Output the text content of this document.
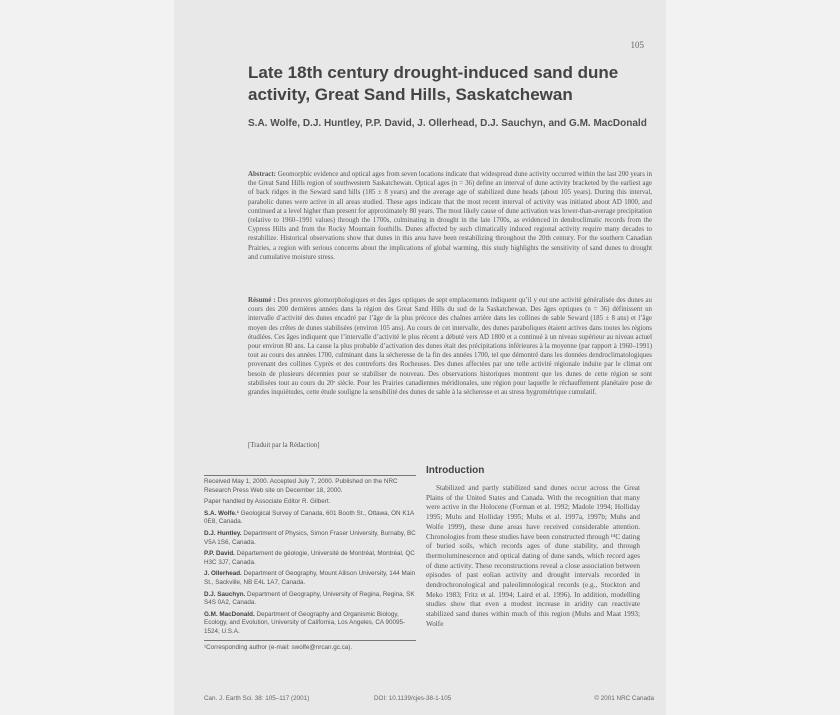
105
Late 18th century drought-induced sand dune activity, Great Sand Hills, Saskatchewan
S.A. Wolfe, D.J. Huntley, P.P. David, J. Ollerhead, D.J. Sauchyn, and G.M. MacDonald
Abstract: Geomorphic evidence and optical ages from seven locations indicate that widespread dune activity occurred within the last 200 years in the Great Sand Hills region of southwestern Saskatchewan. Optical ages (n = 36) define an interval of dune activity bracketed by the earliest age of back ridges in the Seward sand hills (185 ± 8 years) and the average age of stabilized dune heads (about 105 years). During this interval, parabolic dunes were active in all areas studied. These ages indicate that the most recent interval of activity was initiated about AD 1800, and continued at a level higher than present for approximately 80 years. The most likely cause of dune activation was lower-than-average precipitation (relative to 1960–1991 values) through the 1700s, culminating in drought in the late 1700s, as evidenced in dendroclimatic records from the Cypress Hills and from the Rocky Mountain foothills. Dunes affected by such climatically induced regional activity require many decades to restabilize. Historical observations show that dunes in this area have been restabilizing throughout the 20th century. For the southern Canadian Prairies, a region with serious concerns about the implications of global warming, this study highlights the sensitivity of sand dunes to drought and cumulative moisture stress.
Résumé : Des preuves géomorphologiques et des âges optiques de sept emplacements indiquent qu’il y eut une activité généralisée des dunes au cours des 200 dernières années dans la région des Great Sand Hills du sud de la Saskatchewan. Des âges optiques (n = 36) définissent un intervalle d’activité des dunes encadré par l’âge de la plus précoce des chaînes arrière dans les collines de sable Seward (185 ± 8 ans) et l’âge moyen des crêtes de dunes stabilisées (environ 105 ans). Au cours de cet intervalle, des dunes paraboliques étaient actives dans toutes les régions étudiées. Ces âges indiquent que l’intervalle d’activité le plus récent a débuté vers AD 1800 et a continué à un niveau supérieur au niveau actuel pour environ 80 ans. La cause la plus probable d’activation des dunes était des précipitations inférieures à la moyenne (par rapport à 1960–1991) tout au cours des années 1700, culminant dans la sécheresse de la fin des années 1700, tel que démontré dans les données dendroclimatologiques provenant des collines Cyprès et des contreforts des Rocheuses. Des dunes affectées par une telle activité régionale induite par le climat ont besoin de plusieurs décennies pour se stabiliser de nouveau. Des observations historiques montrent que les dunes de cette région se sont stabilisées tout au cours du 20ᵉ siècle. Pour les Prairies canadiennes méridionales, une région pour laquelle le réchauffement planétaire pose de grandes inquiétudes, cette étude souligne la sensibilité des dunes de sable à la sécheresse et au stress hygrométrique cumulatif.
[Traduit par la Rédaction]

Received May 1, 2000. Accepted July 7, 2000. Published on the NRC Research Press Web site on December 18, 2000.

Paper handled by Associate Editor R. Gilbert.

S.A. Wolfe.¹ Geological Survey of Canada, 601 Booth St., Ottawa, ON K1A 0E8, Canada.

D.J. Huntley. Department of Physics, Simon Fraser University, Burnaby, BC V5A 1S6, Canada.

P.P. David. Département de géologie, Université de Montréal, Montréal, QC H3C 3J7, Canada.

J. Ollerhead. Department of Geography, Mount Allison University, 144 Main St., Sackville, NB E4L 1A7, Canada.

D.J. Sauchyn. Department of Geography, University of Regina, Regina, SK S4S 0A2, Canada.

G.M. MacDonald. Department of Geography and Organismic Biology, Ecology, and Evolution, University of California, Los Angeles, CA 90095-1524, U.S.A.

¹Corresponding author (e-mail: swolfe@nrcan.gc.ca).

Introduction
Stabilized and partly stabilized sand dunes occur across the Great Plains of the United States and Canada. With the recognition that many were active in the Holocene (Forman et al. 1992; Madole 1994; Holliday 1995; Muhs and Holliday 1995; Muhs et al. 1997a, 1997b; Muhs and Wolfe 1999), these dune areas have received considerable attention. Chronologies from these studies have been constructed through ¹⁴C dating of buried soils, which records ages of dune stability, and through thermoluminescence and optical dating of dune sands, which record ages of dune activity. These reconstructions reveal a close association between episodes of past eolian activity and drought intervals recorded in dendrochronological and paleolimnological records (e.g., Stockton and Meko 1983; Fritz et al. 1994; Laird et al. 1996). In addition, modelling studies show that even a modest increase in aridity can reactivate stabilized sand dunes within much of this region (Muhs and Maat 1993; Wolfe
Can. J. Earth Sci. 38: 105–117 (2001)	DOI: 10.1139/cjes-38-1-105	© 2001 NRC Canada
